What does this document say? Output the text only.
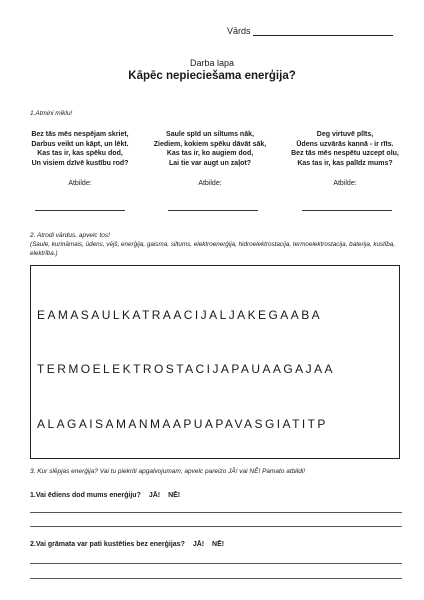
Vārds
Darba lapa
Kāpēc nepieciešama enerģija?
1.Atmini mīklu!
Bez tās mēs nespējam skriet,
Darbus veikt un kāpt, un lēkt.
Kas tas ir, kas spēku dod,
Un visiem dzīvē kustību rod?
Saule spīd un siltums nāk,
Ziediem, kokiem spēku dāvāt sāk,
Kas tas ir, ko augiem dod,
Lai tie var augt un zaļot?
Deg virtuvē plīts,
Ūdens uzvārās kannā - ir rīts.
Bez tās mēs nespētu uzcept olu,
Kas tas ir, kas palīdz mums?
Atbilde:	Atbilde:	Atbilde:
2. Atrodi vārdus, apvelc tos!
(Saule, kurināmais, ūdens, vējš, enerģija, gaisma, siltums, elektroenerģija, hidroelektrostacija, termoelektrostacija, baterija, kustība, elektrība.)

EAMASAULKATRAACIJALJAKEGAABA

TERMOELEKTROSTACIJAPAUAAGAJAA

ALAGAISAMANMAAPUAPAVASGIATITP

3. Kur slēpjas enerģija? Vai tu piekriti apgalvojumam, apvelc pareizo JĀ! vai NĒ! Pamato atbildi!
1.Vai ēdiens dod mums enerģiju? JĀ! NĒ!
2.Vai grāmata var pati kustēties bez enerģijas? JĀ! NĒ!
